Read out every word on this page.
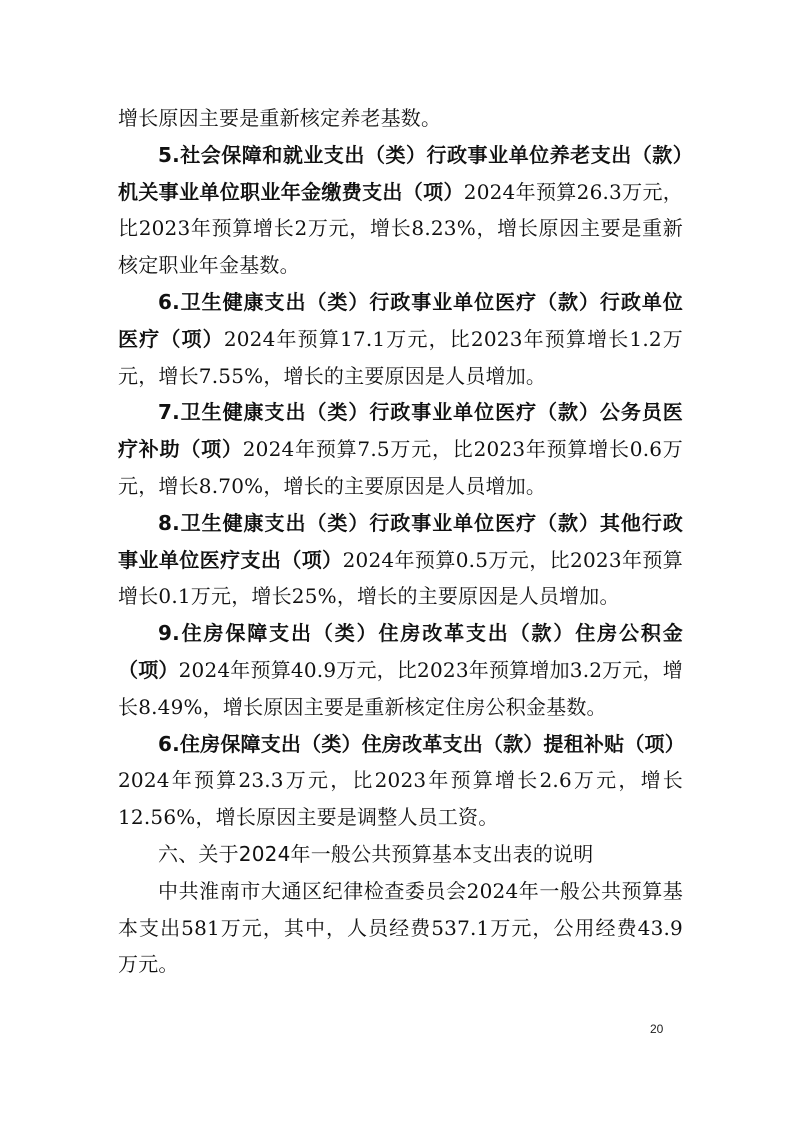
增长原因主要是重新核定养老基数。

5.社会保障和就业支出（类）行政事业单位养老支出（款）机关事业单位职业年金缴费支出（项）2024年预算26.3万元，比2023年预算增长2万元，增长8.23%，增长原因主要是重新核定职业年金基数。

6.卫生健康支出（类）行政事业单位医疗（款）行政单位医疗（项）2024年预算17.1万元，比2023年预算增长1.2万元，增长7.55%，增长的主要原因是人员增加。

7.卫生健康支出（类）行政事业单位医疗（款）公务员医疗补助（项）2024年预算7.5万元，比2023年预算增长0.6万元，增长8.70%，增长的主要原因是人员增加。

8.卫生健康支出（类）行政事业单位医疗（款）其他行政事业单位医疗支出（项）2024年预算0.5万元，比2023年预算增长0.1万元，增长25%，增长的主要原因是人员增加。

9.住房保障支出（类）住房改革支出（款）住房公积金（项）2024年预算40.9万元，比2023年预算增加3.2万元，增长8.49%，增长原因主要是重新核定住房公积金基数。

6.住房保障支出（类）住房改革支出（款）提租补贴（项）2024年预算23.3万元，比2023年预算增长2.6万元，增长12.56%，增长原因主要是调整人员工资。

六、关于2024年一般公共预算基本支出表的说明

中共淮南市大通区纪律检查委员会2024年一般公共预算基本支出581万元，其中，人员经费537.1万元，公用经费43.9万元。

20
